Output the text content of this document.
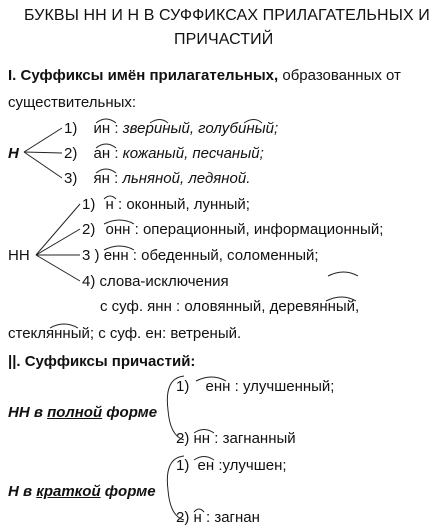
БУКВЫ НН И Н В СУФФИКСАХ ПРИЛАГАТЕЛЬНЫХ И
ПРИЧАСТИЙ
I. Суффиксы имён прилагательных, образованных от
существительных:
Н
1) ин : звериный, голубиный;
2) ан : кожаный, песчаный;
3) ян : льняной, ледяной.
НН
1) н : оконный, лунный;
2) онн : операционный, информационный;
3 ) енн : обеденный, соломенный;
4) слова-исключения
с суф. янн : оловянный, деревянный,
стеклянный; с суф. ен: ветреный.
||. Суффиксы причастий:
НН в полной форме
1) енн : улучшенный;
2) нн : загнанный
Н в краткой форме
1) ен :улучшен;
2) н : загнан
